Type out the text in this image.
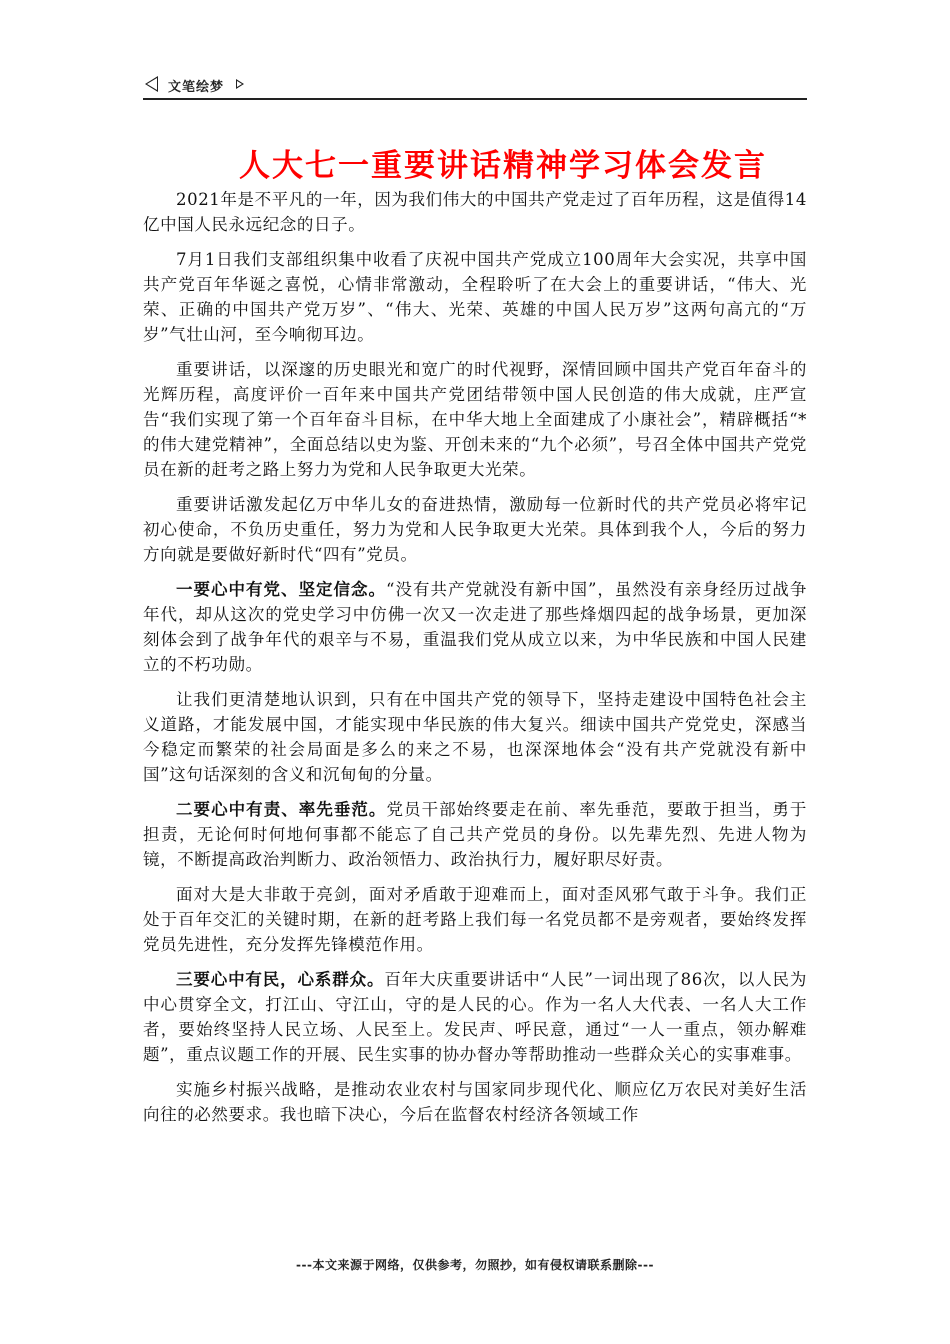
文笔绘梦
人大七一重要讲话精神学习体会发言

2021年是不平凡的一年，因为我们伟大的中国共产党走过了百年历程，这是值得14亿中国人民永远纪念的日子。

7月1日我们支部组织集中收看了庆祝中国共产党成立100周年大会实况，共享中国共产党百年华诞之喜悦，心情非常激动，全程聆听了在大会上的重要讲话，“伟大、光荣、正确的中国共产党万岁”、“伟大、光荣、英雄的中国人民万岁”这两句高亢的“万岁”气壮山河，至今响彻耳边。

重要讲话，以深邃的历史眼光和宽广的时代视野，深情回顾中国共产党百年奋斗的光辉历程，高度评价一百年来中国共产党团结带领中国人民创造的伟大成就，庄严宣告“我们实现了第一个百年奋斗目标，在中华大地上全面建成了小康社会”，精辟概括“*的伟大建党精神”，全面总结以史为鉴、开创未来的“九个必须”，号召全体中国共产党党员在新的赶考之路上努力为党和人民争取更大光荣。

重要讲话激发起亿万中华儿女的奋进热情，激励每一位新时代的共产党员必将牢记初心使命，不负历史重任，努力为党和人民争取更大光荣。具体到我个人，今后的努力方向就是要做好新时代“四有”党员。

一要心中有党、坚定信念。“没有共产党就没有新中国”，虽然没有亲身经历过战争年代，却从这次的党史学习中仿佛一次又一次走进了那些烽烟四起的战争场景，更加深刻体会到了战争年代的艰辛与不易，重温我们党从成立以来，为中华民族和中国人民建立的不朽功勋。

让我们更清楚地认识到，只有在中国共产党的领导下，坚持走建设中国特色社会主义道路，才能发展中国，才能实现中华民族的伟大复兴。细读中国共产党党史，深感当今稳定而繁荣的社会局面是多么的来之不易，也深深地体会“没有共产党就没有新中国”这句话深刻的含义和沉甸甸的分量。

二要心中有责、率先垂范。党员干部始终要走在前、率先垂范，要敢于担当，勇于担责，无论何时何地何事都不能忘了自己共产党员的身份。以先辈先烈、先进人物为镜，不断提高政治判断力、政治领悟力、政治执行力，履好职尽好责。

面对大是大非敢于亮剑，面对矛盾敢于迎难而上，面对歪风邪气敢于斗争。我们正处于百年交汇的关键时期，在新的赶考路上我们每一名党员都不是旁观者，要始终发挥党员先进性，充分发挥先锋模范作用。

三要心中有民，心系群众。百年大庆重要讲话中“人民”一词出现了86次，以人民为中心贯穿全文，打江山、守江山，守的是人民的心。作为一名人大代表、一名人大工作者，要始终坚持人民立场、人民至上。发民声、呼民意，通过“一人一重点，领办解难题”，重点议题工作的开展、民生实事的协办督办等帮助推动一些群众关心的实事难事。

实施乡村振兴战略，是推动农业农村与国家同步现代化、顺应亿万农民对美好生活向往的必然要求。我也暗下决心，今后在监督农村经济各领域工作

---本文来源于网络，仅供参考，勿照抄，如有侵权请联系删除---
